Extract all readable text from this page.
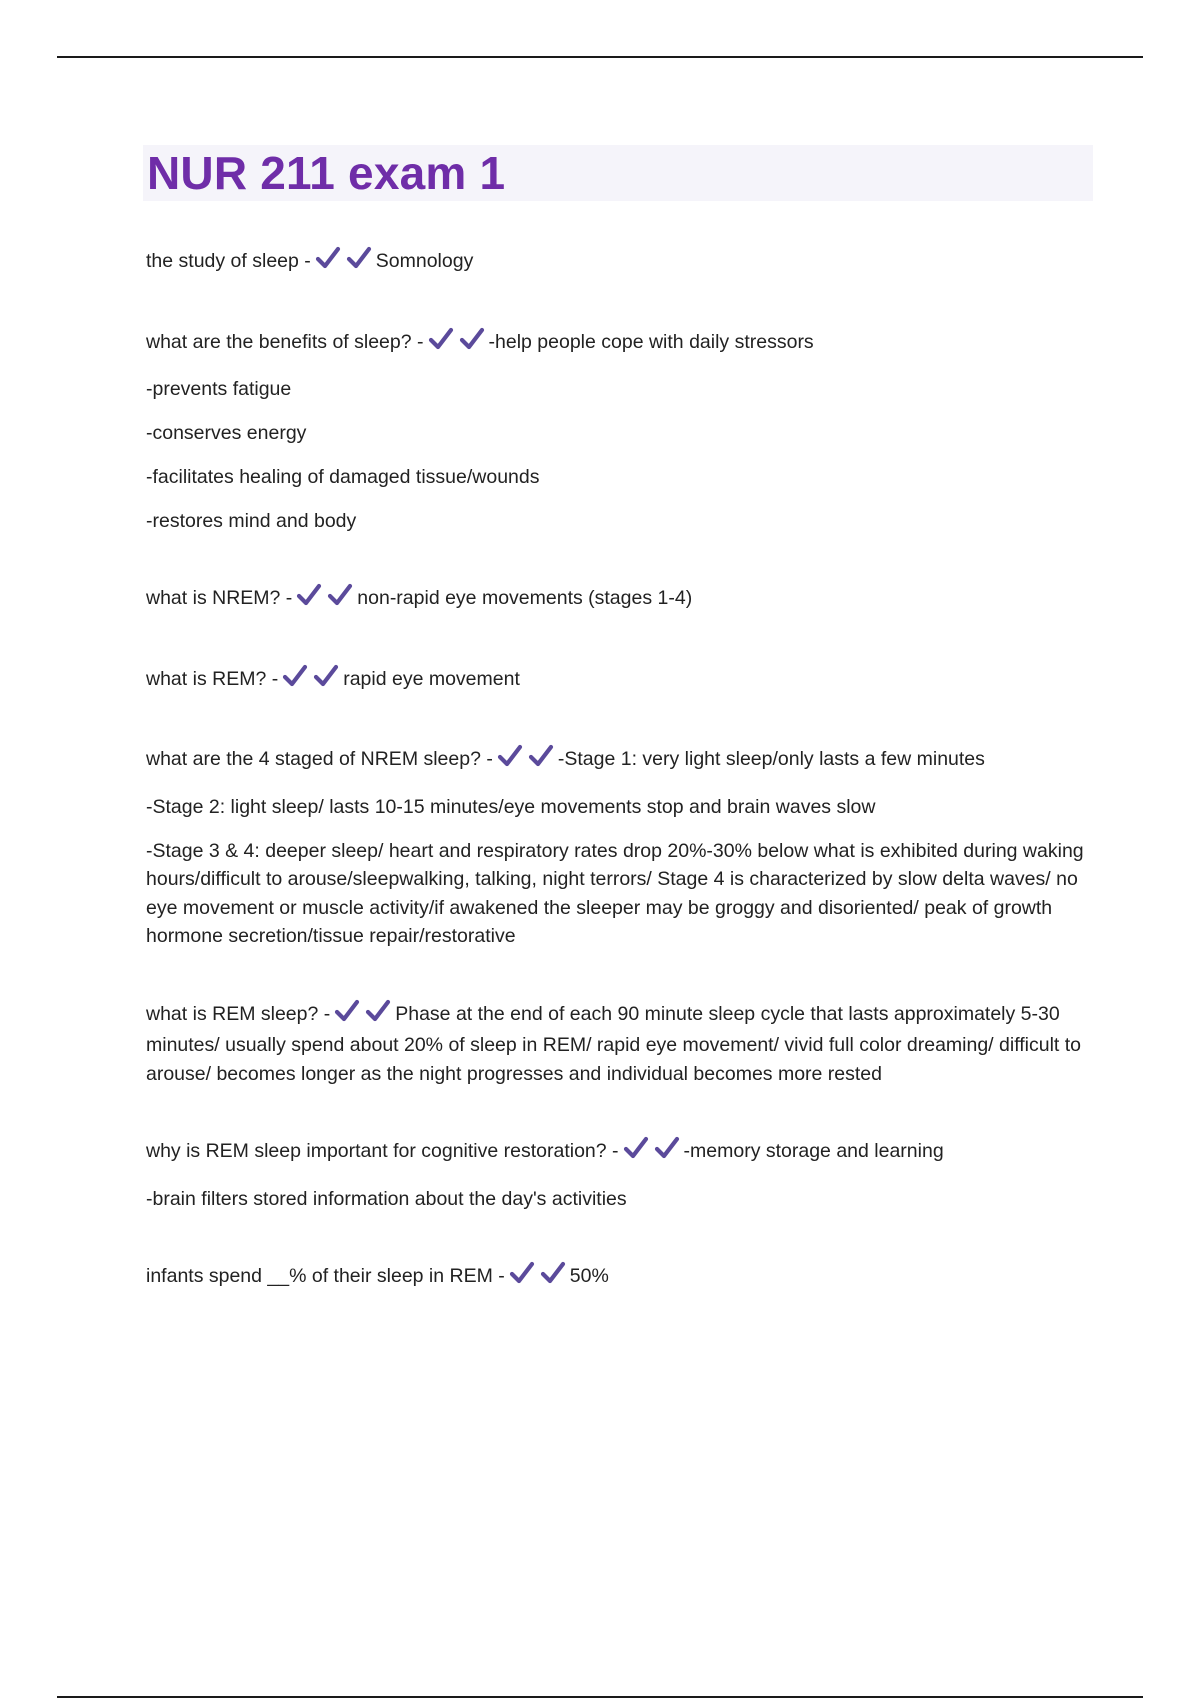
NUR 211 exam 1

the study of sleep -	Somnology

what are the benefits of sleep? -	-help people cope with daily stressors

-prevents fatigue

-conserves energy

-facilitates healing of damaged tissue/wounds

-restores mind and body

what is NREM? -	non-rapid eye movements (stages 1-4)

what is REM? -	rapid eye movement

what are the 4 staged of NREM sleep? -	-Stage 1: very light sleep/only lasts a few minutes

-Stage 2: light sleep/ lasts 10-15 minutes/eye movements stop and brain waves slow

-Stage 3 & 4: deeper sleep/ heart and respiratory rates drop 20%-30% below what is exhibited during waking hours/difficult to arouse/sleepwalking, talking, night terrors/ Stage 4 is characterized by slow delta waves/ no eye movement or muscle activity/if awakened the sleeper may be groggy and disoriented/ peak of growth hormone secretion/tissue repair/restorative

what is REM sleep? -	Phase at the end of each 90 minute sleep cycle that lasts approximately 5-30 minutes/ usually spend about 20% of sleep in REM/ rapid eye movement/ vivid full color dreaming/ difficult to arouse/ becomes longer as the night progresses and individual becomes more rested

why is REM sleep important for cognitive restoration? -	-memory storage and learning

-brain filters stored information about the day's activities

infants spend __% of their sleep in REM -	50%
